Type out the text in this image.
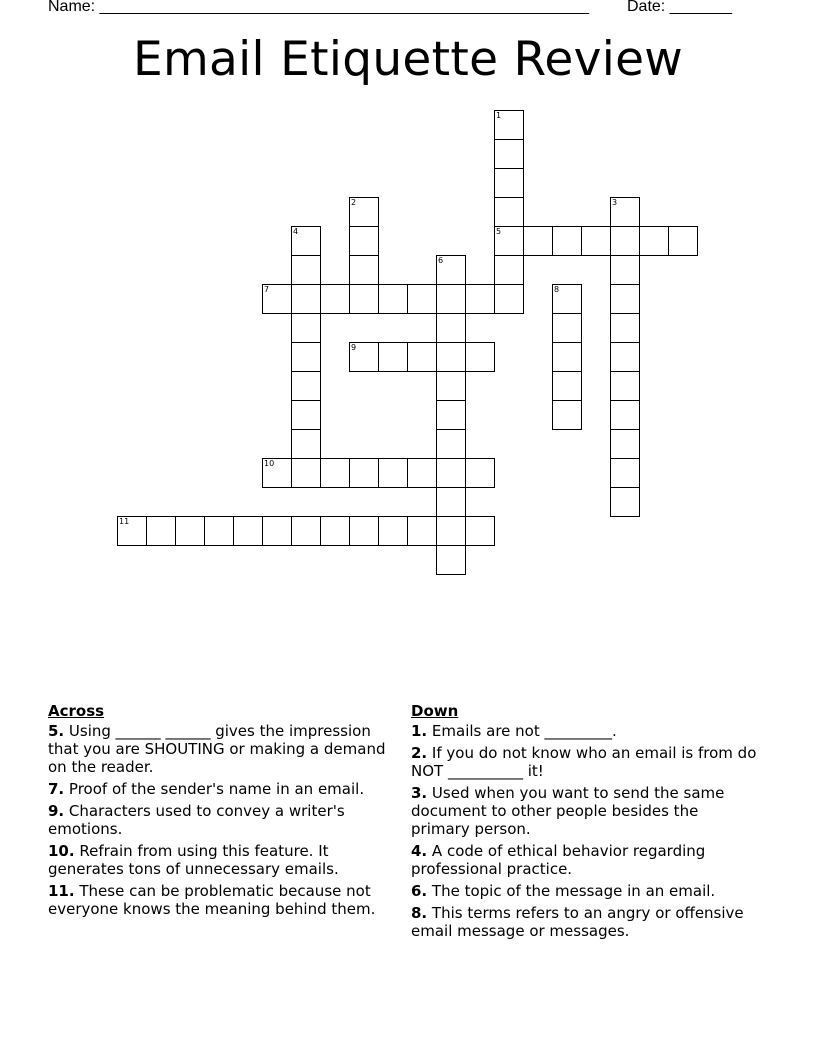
Name: _______________________________________________________ Date: _______
Email Etiquette Review
1
5
2	3
4
6
7	8
9
10
11
Across
5. Using ______ ______ gives the impression that you are SHOUTING or making a demand on the reader.
7. Proof of the sender's name in an email.
9. Characters used to convey a writer's emotions.
10. Refrain from using this feature. It generates tons of unnecessary emails.
11. These can be problematic because not everyone knows the meaning behind them.
Down
1. Emails are not _________.
2. If you do not know who an email is from do NOT __________ it!
3. Used when you want to send the same document to other people besides the primary person.
4. A code of ethical behavior regarding professional practice.
6. The topic of the message in an email.
8. This terms refers to an angry or offensive email message or messages.
